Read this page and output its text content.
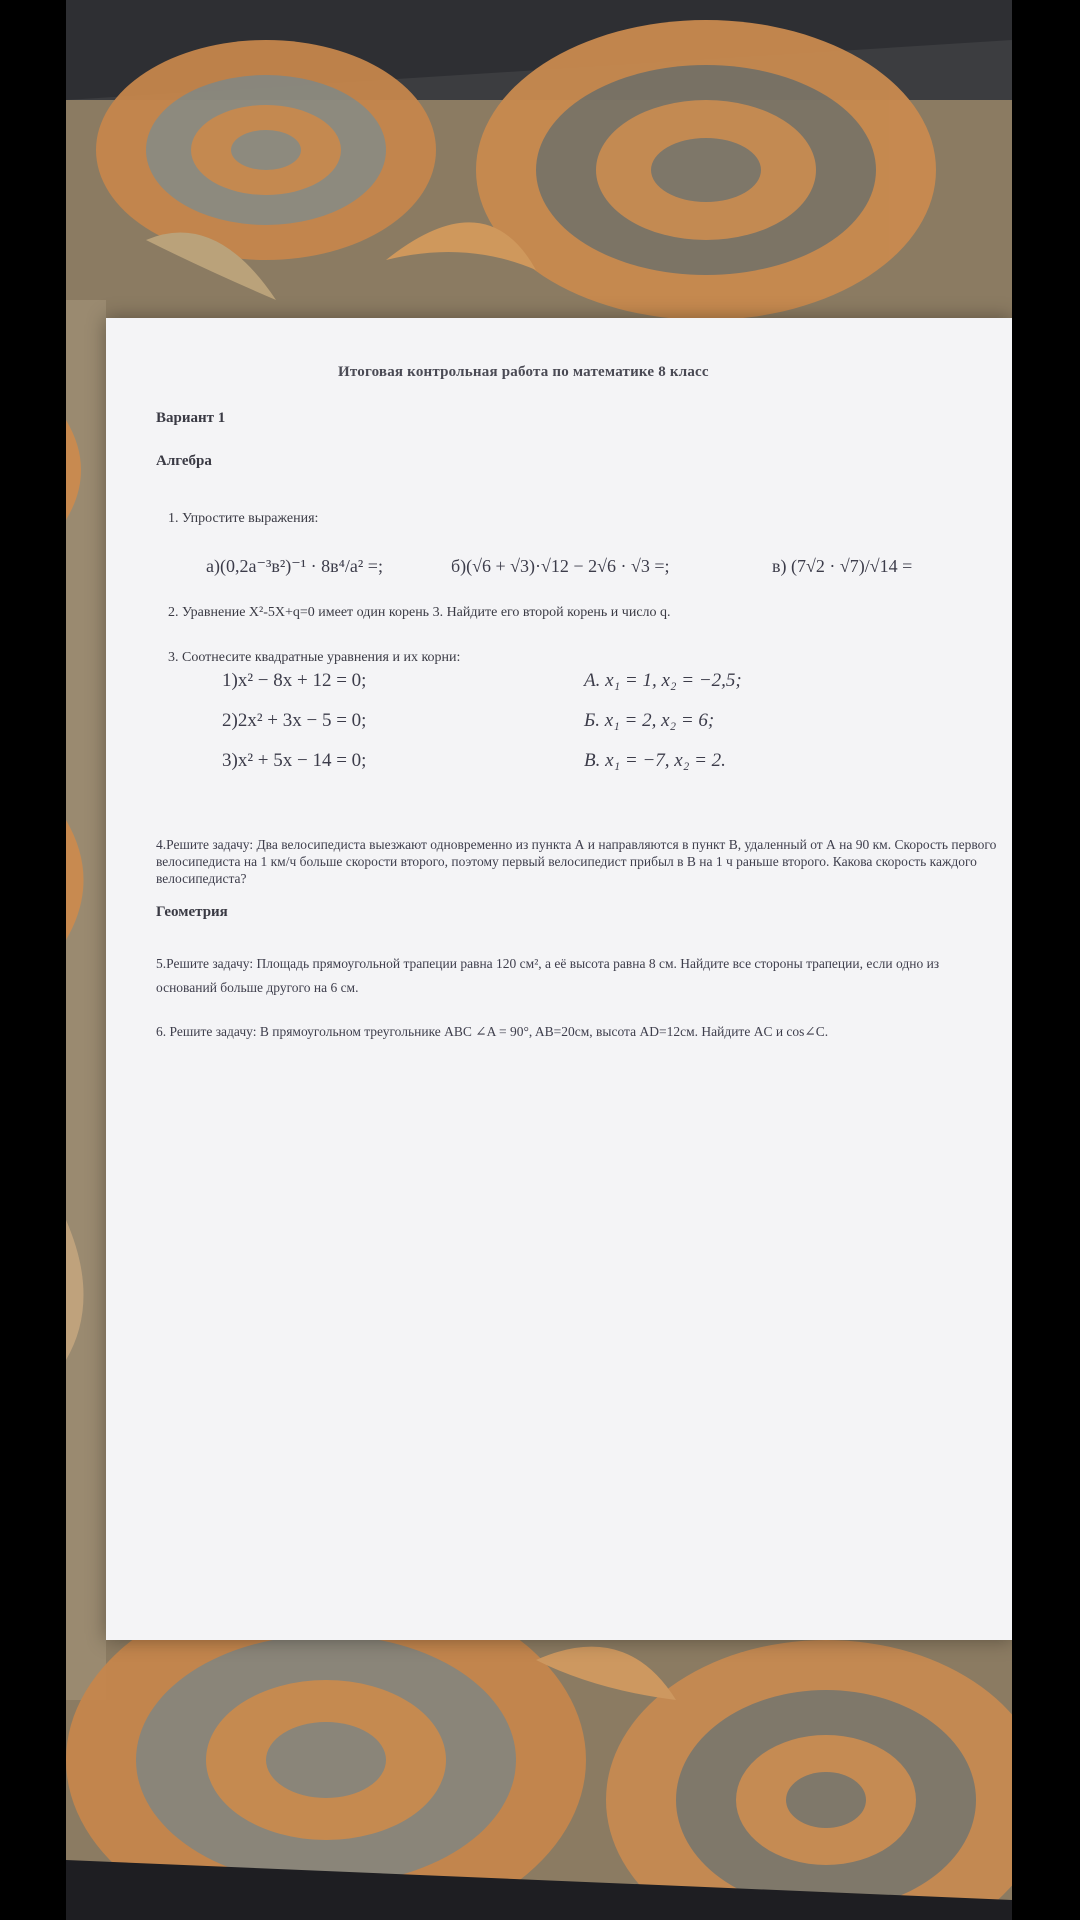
Итоговая контрольная работа по математике 8 класс
Вариант 1
Алгебра
1. Упростите выражения:
а)(0,2a⁻³в²)⁻¹ · 8в⁴/a² =;	б)(√6 + √3)·√12 − 2√6 · √3 =;	в) (7√2 · √7)/√14 =
2. Уравнение X²-5X+q=0 имеет один корень 3. Найдите его второй корень и число q.
3. Соотнесите квадратные уравнения и их корни:
1)x² − 8x + 12 = 0;
2)2x² + 3x − 5 = 0;
3)x² + 5x − 14 = 0;
А. x₁ = 1, x₂ = −2,5;
Б. x₁ = 2, x₂ = 6;
В. x₁ = −7, x₂ = 2.
4.Решите задачу: Два велосипедиста выезжают одновременно из пункта А и направляются в пункт В, удаленный от А на 90 км. Скорость первого велосипедиста на 1 км/ч больше скорости второго, поэтому первый велосипедист прибыл в В на 1 ч раньше второго. Какова скорость каждого велосипедиста?
Геометрия
5.Решите задачу: Площадь прямоугольной трапеции равна 120 см², а её высота равна 8 см. Найдите все стороны трапеции, если одно из оснований больше другого на 6 см.
6. Решите задачу: В прямоугольном треугольнике ABC ∠A = 90°, AB=20см, высота AD=12см. Найдите AC и cos∠C.
